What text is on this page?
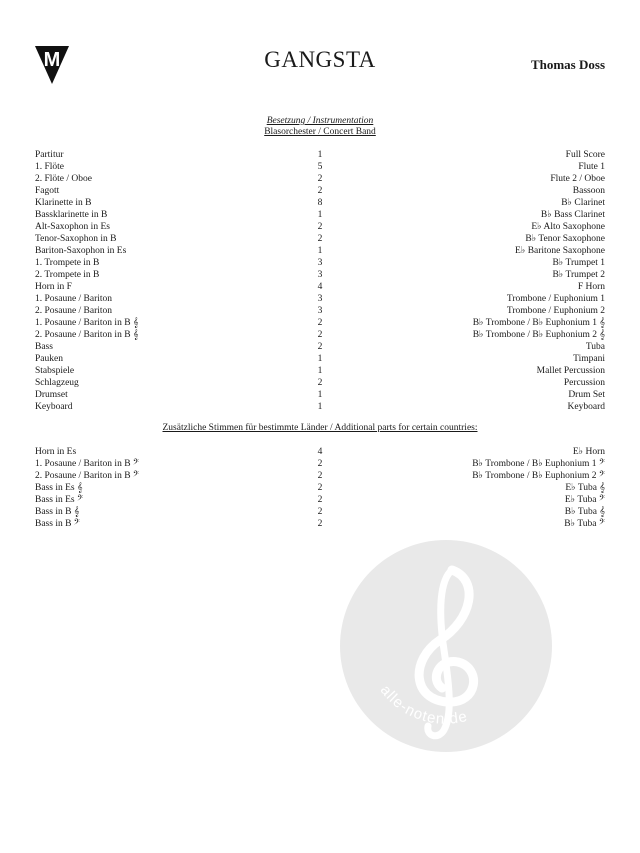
M	GANGSTA	Thomas Doss
Besetzung / Instrumentation
Blasorchester / Concert Band
Partitur	1	Full Score
1. Flöte	5	Flute 1
2. Flöte / Oboe	2	Flute 2 / Oboe
Fagott	2	Bassoon
Klarinette in B	8	B♭ Clarinet
Bassklarinette in B	1	B♭ Bass Clarinet
Alt-Saxophon in Es	2	E♭ Alto Saxophone
Tenor-Saxophon in B	2	B♭ Tenor Saxophone
Bariton-Saxophon in Es	1	E♭ Baritone Saxophone
1. Trompete in B	3	B♭ Trumpet 1
2. Trompete in B	3	B♭ Trumpet 2
Horn in F	4	F Horn
1. Posaune / Bariton	3	Trombone / Euphonium 1
2. Posaune / Bariton	3	Trombone / Euphonium 2
1. Posaune / Bariton in B 𝄞	2	B♭ Trombone / B♭ Euphonium 1 𝄞
2. Posaune / Bariton in B 𝄞	2	B♭ Trombone / B♭ Euphonium 2 𝄞
Bass	2	Tuba
Pauken	1	Timpani
Stabspiele	1	Mallet Percussion
Schlagzeug	2	Percussion
Drumset	1	Drum Set
Keyboard	1	Keyboard
Zusätzliche Stimmen für bestimmte Länder / Additional parts for certain countries:
Horn in Es	4	E♭ Horn
1. Posaune / Bariton in B 𝄢	2	B♭ Trombone / B♭ Euphonium 1 𝄢
2. Posaune / Bariton in B 𝄢	2	B♭ Trombone / B♭ Euphonium 2 𝄢
Bass in Es 𝄞	2	E♭ Tuba 𝄞
Bass in Es 𝄢	2	E♭ Tuba 𝄢
Bass in B 𝄞	2	B♭ Tuba 𝄞
Bass in B 𝄢	2	B♭ Tuba 𝄢
alle-noten.de
